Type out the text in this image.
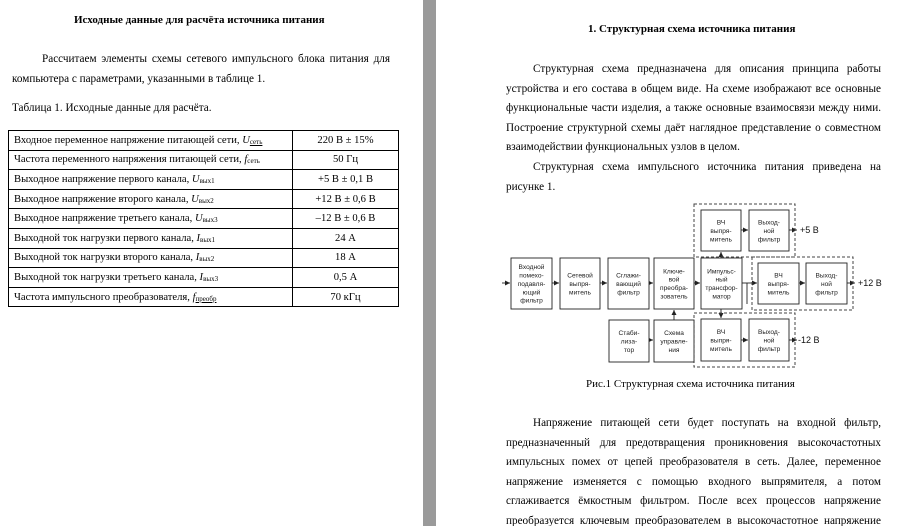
Исходные данные для расчёта источника питания
Рассчитаем элементы схемы сетевого импульсного блока питания для
компьютера с параметрами, указанными в таблице 1.
Таблица 1. Исходные данные для расчёта.
Входное переменное напряжение питающей сети, $U_{сеть}$	220 В ± 15%
Частота переменного напряжения питающей сети, $f_{сеть}$	50 Гц
Выходное напряжение первого канала, $U_{вых1}$	+5 В ± 0,1 В
Выходное напряжение второго канала, $U_{вых2}$	+12 В ± 0,6 В
Выходное напряжение третьего канала, $U_{вых3}$	–12 В ± 0,6 В
Выходной ток нагрузки первого канала, $I_{вых1}$	24 А
Выходной ток нагрузки второго канала, $I_{вых2}$	18 А
Выходной ток нагрузки третьего канала, $I_{вых3}$	0,5 А
Частота импульсного преобразователя, $f_{преобр}$	70 кГц
1. Структурная схема источника питания
Структурная схема предназначена для описания принципа работы
устройства и его состава в общем виде. На схеме изображают все основные
функциональные части изделия, а также основные взаимосвязи между ними.
Построение структурной схемы даёт наглядное представление о совместном
взаимодействии функциональных узлов в целом.
Структурная схема импульсного источника питания приведена на
рисунке 1.
Входной
помехо-
подавля-
ющий
фильтр
Сетевой
выпря-
митель
Сглажи-
вающий
фильтр
Ключе-
вой
преобра-
зователь
Импульс-
ный
трансфор-
матор
Стаби-
лиза-
тор
Схема
управле-
ния
ВЧ
выпря-
митель
Выход-
ной
фильтр
ВЧ
выпря-
митель
Выход-
ной
фильтр
ВЧ
выпря-
митель
Выход-
ной
фильтр
+5 В
+12 В
-12 В
Рис.1 Структурная схема источника питания
Напряжение питающей сети будет поступать на входной фильтр,
предназначенный для предотвращения проникновения высокочастотных
импульсных помех от цепей преобразователя в сеть. Далее, переменное
напряжение изменяется с помощью входного выпрямителя, а потом
сглаживается ёмкостным фильтром. После всех процессов напряжение
преобразуется ключевым преобразователем в высокочастотное напряжение
